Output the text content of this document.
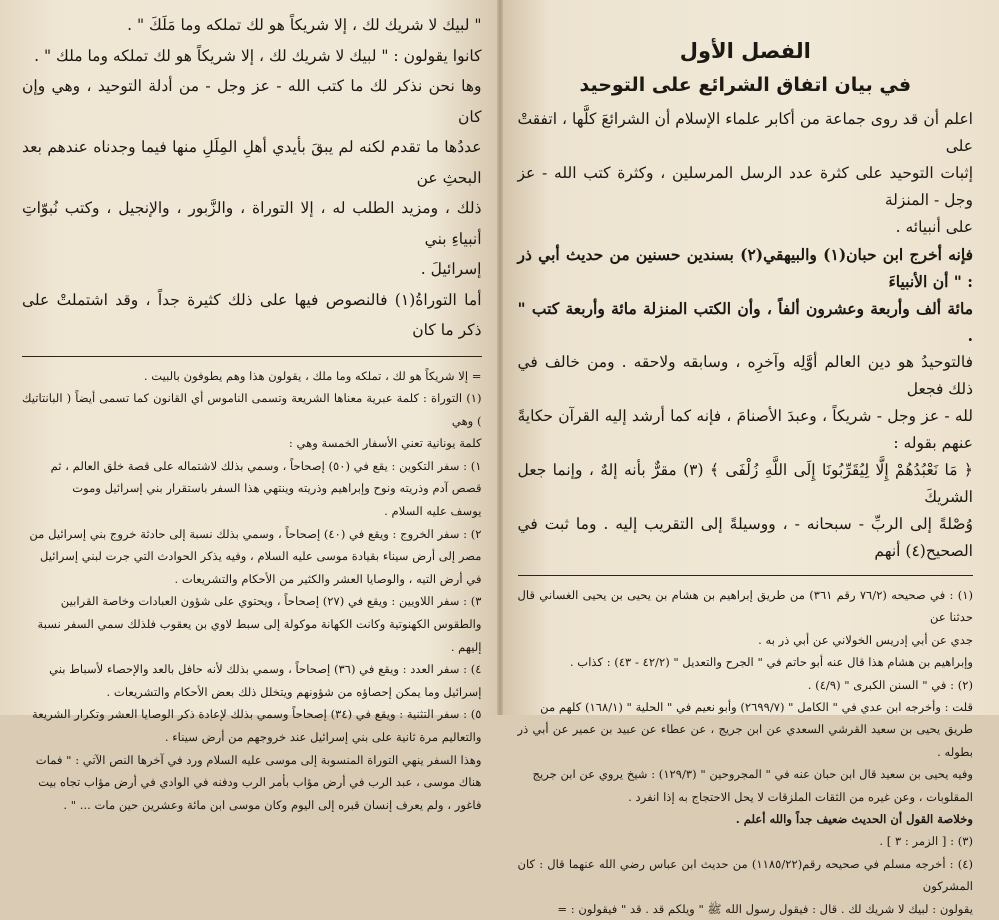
" لبيك لا شريك لك ، إلا شريكاً هو لك تملكه وما مَلَكَ " .

كانوا يقولون : " لبيك لا شريك لك ، إلا شريكاً هو لك تملكه وما ملك " .

وها نحن نذكر لك ما كتب الله - عز وجل - من أدلة التوحيد ، وهي وإن كان

عددُها ما تقدم لكنه لم يبقَ بأيدي أهلِ المِلَلِ منها فيما وجدناه عندهم بعد البحثِ عن

ذلك ، ومزيد الطلب له ، إلا التوراة ، والزَّبور ، والإنجيل ، وكتب نُبوّاتِ أنبياءِ بني

إسرائيلَ .

أما التوراةُ(١) فالنصوص فيها على ذلك كثيرة جداً ، وقد اشتملتْ على ذكر ما كان

= إلا شريكاً هو لك ، تملكه وما ملك ، يقولون هذا وهم يطوفون بالبيت .

(١) التوراة : كلمة عبرية معناها الشريعة وتسمى الناموس أي القانون كما تسمى أيضاً ( البانتاتيك ) وهي

كلمة يونانية تعني الأسفار الخمسة وهي :

١) : سفر التكوين : يقع في (٥٠) إصحاحاً ، وسمي بذلك لاشتماله على قصة خلق العالم ، ثم

قصص آدم وذريته ونوح وإبراهيم وذريته وينتهي هذا السفر باستقرار بني إسرائيل وموت

يوسف عليه السلام .

٢) : سفر الخروج : ويقع في (٤٠) إصحاحاً ، وسمي بذلك نسبة إلى حادثة خروج بني إسرائيل من

مصر إلى أرض سيناء بقيادة موسى عليه السلام ، وفيه يذكر الحوادث التي جرت لبني إسرائيل

في أرض التيه ، والوصايا العشر والكثير من الأحكام والتشريعات .

٣) : سفر اللاويين : ويقع في (٢٧) إصحاحاً ، ويحتوي على شؤون العبادات وخاصة القرابين

والطقوس الكهنوتية وكانت الكهانة موكولة إلى سبط لاوي بن يعقوب فلذلك سمي السفر نسبة

إليهم .

٤) : سفر العدد : ويقع في (٣٦) إصحاحاً ، وسمي بذلك لأنه حافل بالعد والإحصاء لأسباط بني

إسرائيل وما يمكن إحصاؤه من شؤونهم ويتخلل ذلك بعض الأحكام والتشريعات .

٥) : سفر التثنية : ويقع في (٣٤) إصحاحاً وسمي بذلك لإعادة ذكر الوصايا العشر وتكرار الشريعة

والتعاليم مرة ثانية على بني إسرائيل عند خروجهم من أرض سيناء .

وهذا السفر ينهي التوراة المنسوبة إلى موسى عليه السلام ورد في آخرها النص الآتي : " فمات

هناك موسى ، عبد الرب في أرض مؤاب بأمر الرب ودفنه في الوادي في أرض مؤاب تجاه بيت

فاغور ، ولم يعرف إنسان قبره إلى اليوم وكان موسى ابن مائة وعشرين حين مات ... " .

الفصل الأول
في بيان اتفاق الشرائع على التوحيد

اعلم أن قد روى جماعة من أكابر علماء الإسلام أن الشرائعَ كلَّها ، اتفقتْ على

إثبات التوحيد على كثرة عدد الرسل المرسلين ، وكثرة كتب الله - عز وجل - المنزلة

على أنبيائه .

فإنه أخرج ابن حبان(١) والبيهقي(٢) بسندين حسنين من حديث أبي ذر : " أن الأنبياءَ

مائة ألف وأربعة وعشرون ألفاً ، وأن الكتب المنزلة مائة وأربعة كتب " .

فالتوحيدُ هو دين العالم أوَّلِه وآخرِه ، وسابقه ولاحقه . ومن خالف في ذلك فجعل

لله - عز وجل - شريكاً ، وعبدَ الأصنامَ ، فإنه كما أرشد إليه القرآن حكايةً عنهم بقوله :

﴿ مَا نَعْبُدُهُمْ إِلَّا لِيُقَرِّبُونَا إِلَى اللَّهِ زُلْفَى ﴾ (٣) مقرٌّ بأنه إلهٌ ، وإنما جعل الشريكَ

وُصْلةً إلى الربِّ - سبحانه - ، ووسيلةً إلى التقريب إليه . وما ثبت في الصحيح(٤) أنهم

(١) : في صحيحه (٧٦/٢ رقم ٣٦١) من طريق إبراهيم بن هشام بن يحيى بن يحيى الغساني قال حدثنا عن

جدي عن أبي إدريس الخولاني عن أبي ذر به .

وإبراهيم بن هشام هذا قال عنه أبو حاتم في " الجرح والتعديل " (٤٢/٢ - ٤٣) : كذاب .

(٢) : في " السنن الكبرى " (٤/٩) .

قلت : وأخرجه ابن عدي في " الكامل " (٢٦٩٩/٧) وأبو نعيم في " الحلية " (١٦٨/١) كلهم من

طريق يحيى بن سعيد القرشي السعدي عن ابن جريج ، عن عطاء عن عبيد بن عمير عن أبي ذر بطوله .

وفيه يحيى بن سعيد قال ابن حبان عنه في " المجروحين " (١٢٩/٣) : شيخ يروي عن ابن جريج

المقلوبات ، وعن غيره من الثقات الملزقات لا يحل الاحتجاج به إذا انفرد .

وخلاصة القول أن الحديث ضعيف جداً والله أعلم .

(٣) : [ الزمر : ٣ ] .

(٤) : أخرجه مسلم في صحيحه رقم(١١٨٥/٢٢) من حديث ابن عباس رضي الله عنهما قال : كان المشركون

يقولون : لبيك لا شريك لك . قال : فيقول رسول الله ﷺ " ويلكم قد . قد " فيقولون : =
